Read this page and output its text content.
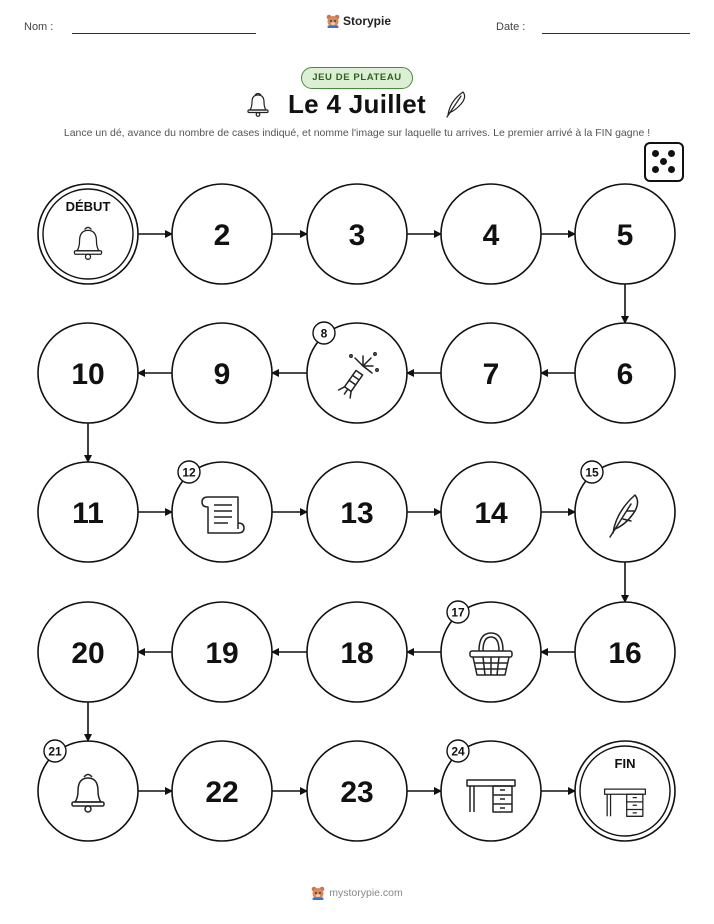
Nom :	Storypie	Date :
JEU DE PLATEAU
Le 4 Juillet
Lance un dé, avance du nombre de cases indiqué, et nomme l'image sur laquelle tu arrives. Le premier arrivé à la FIN gagne !
DÉBUT
2	3	4	5
6
7
8
9
10
11
12
13	14
15
16
17
18
19
20
21
22	23
24
FIN
mystorypie.com
